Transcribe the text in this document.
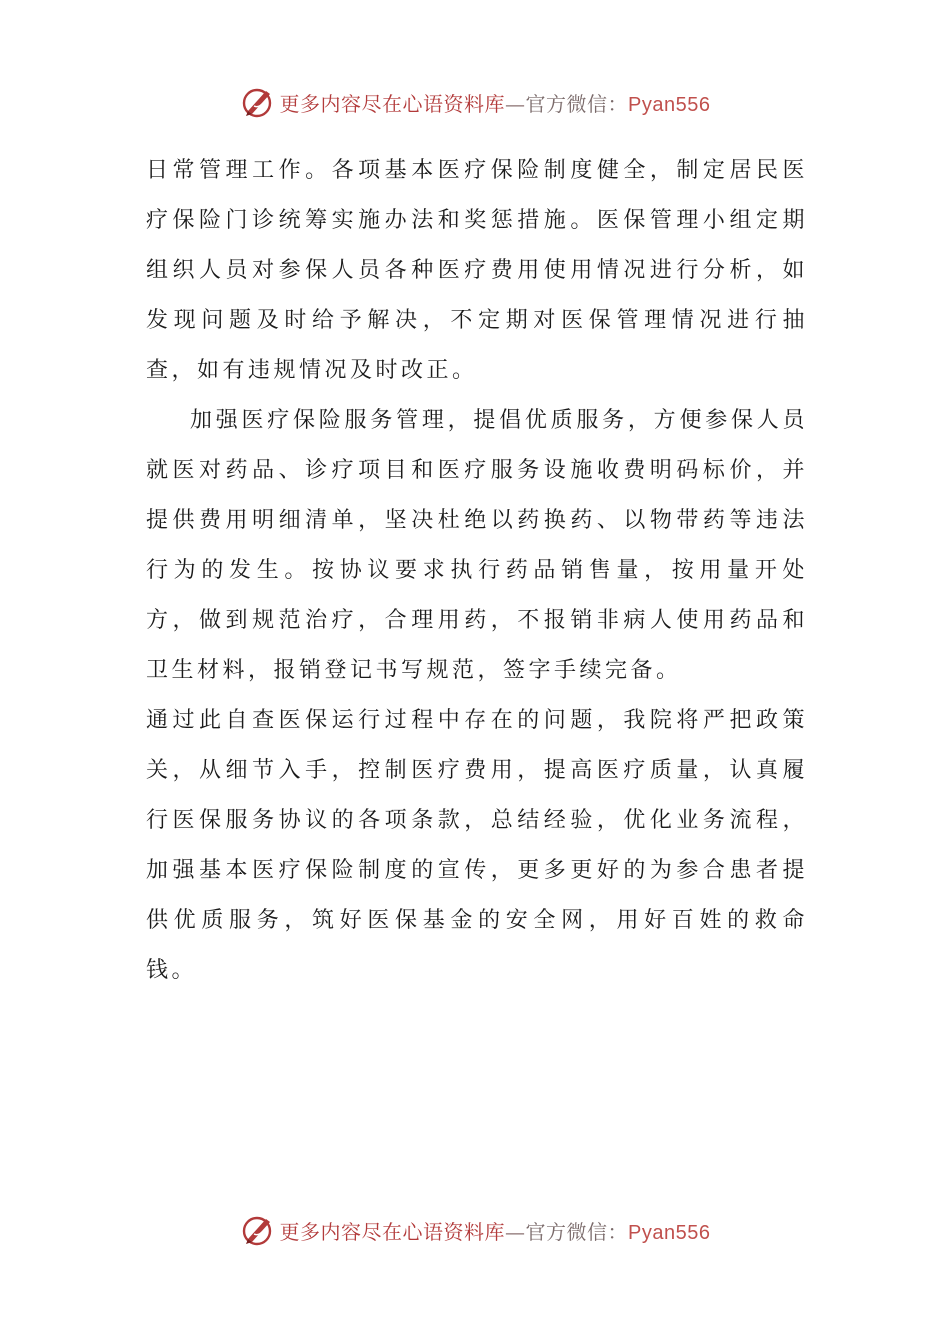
更多内容尽在心语资料库—官方微信：Pyan556

日常管理工作。各项基本医疗保险制度健全，制定居民医疗保险门诊统筹实施办法和奖惩措施。医保管理小组定期组织人员对参保人员各种医疗费用使用情况进行分析，如发现问题及时给予解决，不定期对医保管理情况进行抽查，如有违规情况及时改正。

加强医疗保险服务管理，提倡优质服务，方便参保人员就医对药品、诊疗项目和医疗服务设施收费明码标价，并提供费用明细清单，坚决杜绝以药换药、以物带药等违法行为的发生。按协议要求执行药品销售量，按用量开处方，做到规范治疗，合理用药，不报销非病人使用药品和卫生材料，报销登记书写规范，签字手续完备。

通过此自查医保运行过程中存在的问题，我院将严把政策关，从细节入手，控制医疗费用，提高医疗质量，认真履行医保服务协议的各项条款，总结经验，优化业务流程，加强基本医疗保险制度的宣传，更多更好的为参合患者提供优质服务，筑好医保基金的安全网，用好百姓的救命钱。

更多内容尽在心语资料库—官方微信：Pyan556
